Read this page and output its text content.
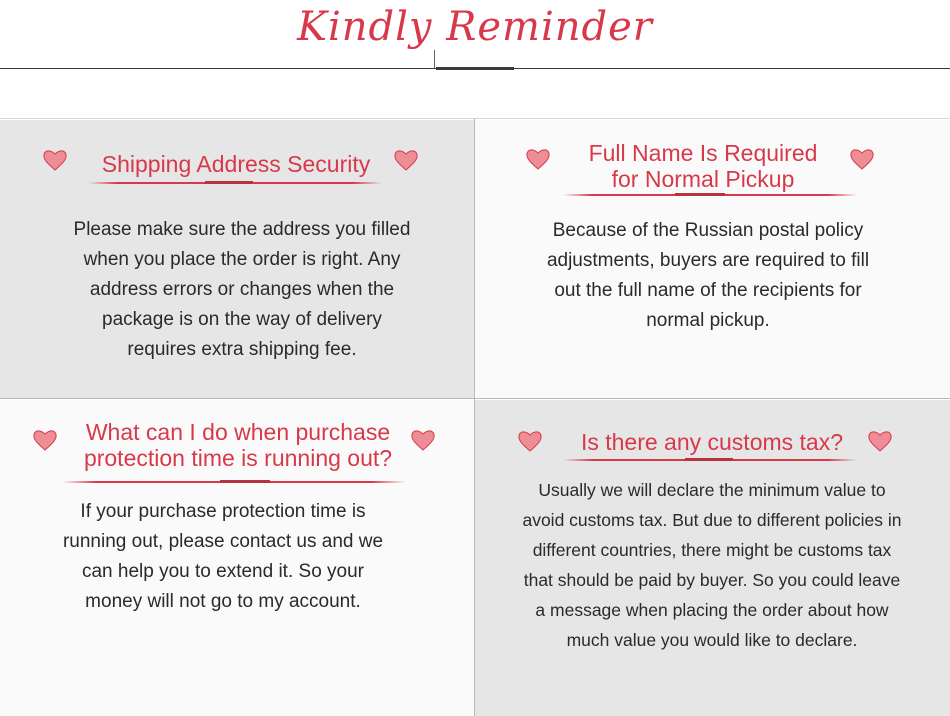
Kindly Reminder
Shipping Address Security
Please make sure the address you filled
when you place the order is right. Any
address errors or changes when the
package is on the way of delivery
requires extra shipping fee.
Full Name Is Required
for Normal Pickup
Because of the Russian postal policy
adjustments, buyers are required to fill
out the full name of the recipients for
normal pickup.
What can I do when purchase
protection time is running out?
If your purchase protection time is
running out, please contact us and we
can help you to extend it. So your
money will not go to my account.
Is there any customs tax?
Usually we will declare the minimum value to
avoid customs tax. But due to different policies in
different countries, there might be customs tax
that should be paid by buyer. So you could leave
a message when placing the order about how
much value you would like to declare.
